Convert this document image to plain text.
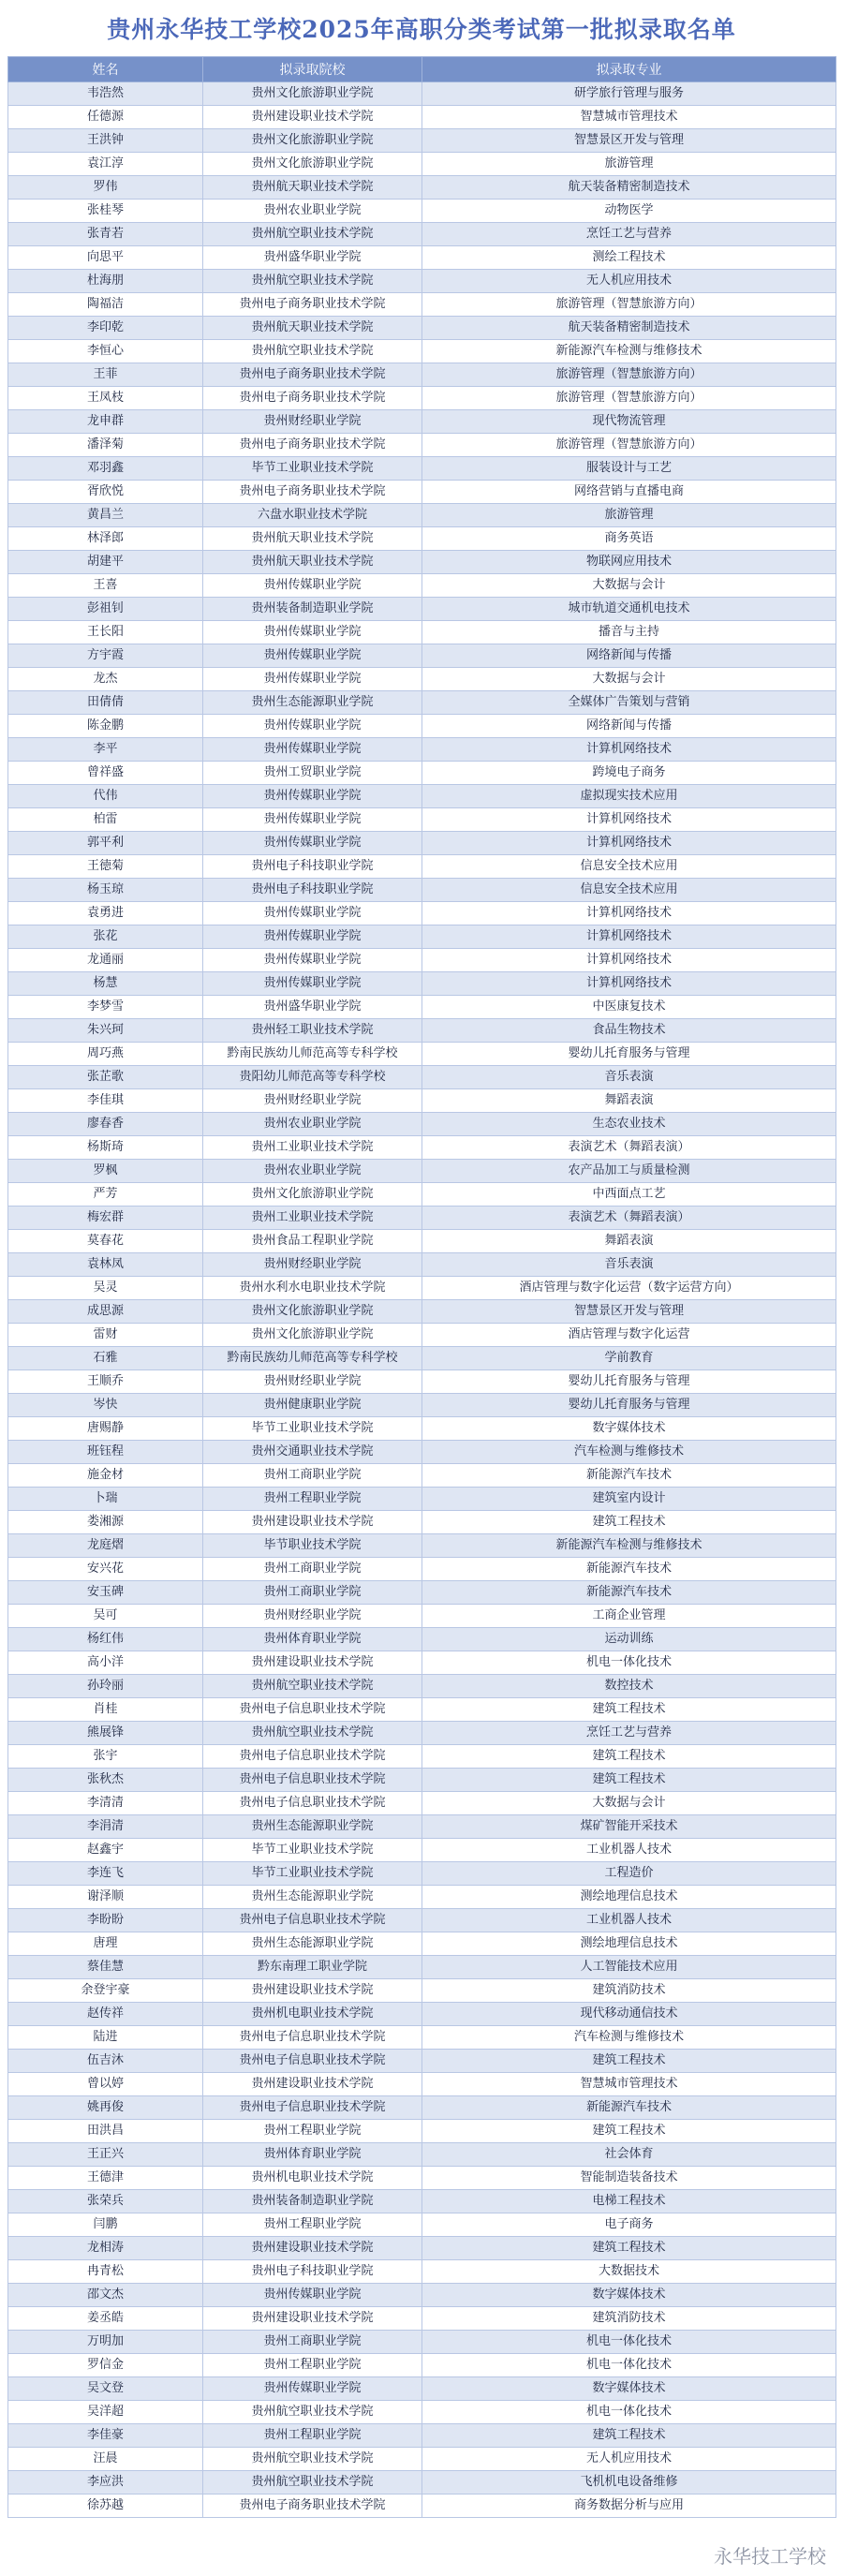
贵州永华技工学校2025年高职分类考试第一批拟录取名单
姓名	拟录取院校	拟录取专业
韦浩然	贵州文化旅游职业学院	研学旅行管理与服务
任德源	贵州建设职业技术学院	智慧城市管理技术
王洪钟	贵州文化旅游职业学院	智慧景区开发与管理
袁江淳	贵州文化旅游职业学院	旅游管理
罗伟	贵州航天职业技术学院	航天装备精密制造技术
张桂琴	贵州农业职业学院	动物医学
张青若	贵州航空职业技术学院	烹饪工艺与营养
向思平	贵州盛华职业学院	测绘工程技术
杜海朋	贵州航空职业技术学院	无人机应用技术
陶福洁	贵州电子商务职业技术学院	旅游管理（智慧旅游方向）
李印乾	贵州航天职业技术学院	航天装备精密制造技术
李恒心	贵州航空职业技术学院	新能源汽车检测与维修技术
王菲	贵州电子商务职业技术学院	旅游管理（智慧旅游方向）
王凤枝	贵州电子商务职业技术学院	旅游管理（智慧旅游方向）
龙申群	贵州财经职业学院	现代物流管理
潘泽菊	贵州电子商务职业技术学院	旅游管理（智慧旅游方向）
邓羽鑫	毕节工业职业技术学院	服装设计与工艺
胥欣悦	贵州电子商务职业技术学院	网络营销与直播电商
黄昌兰	六盘水职业技术学院	旅游管理
林泽郎	贵州航天职业技术学院	商务英语
胡建平	贵州航天职业技术学院	物联网应用技术
王喜	贵州传媒职业学院	大数据与会计
彭祖钊	贵州装备制造职业学院	城市轨道交通机电技术
王长阳	贵州传媒职业学院	播音与主持
方宇霞	贵州传媒职业学院	网络新闻与传播
龙杰	贵州传媒职业学院	大数据与会计
田倩倩	贵州生态能源职业学院	全媒体广告策划与营销
陈金鹏	贵州传媒职业学院	网络新闻与传播
李平	贵州传媒职业学院	计算机网络技术
曾祥盛	贵州工贸职业学院	跨境电子商务
代伟	贵州传媒职业学院	虚拟现实技术应用
柏雷	贵州传媒职业学院	计算机网络技术
郭平利	贵州传媒职业学院	计算机网络技术
王徳菊	贵州电子科技职业学院	信息安全技术应用
杨玉琼	贵州电子科技职业学院	信息安全技术应用
袁勇进	贵州传媒职业学院	计算机网络技术
张花	贵州传媒职业学院	计算机网络技术
龙通丽	贵州传媒职业学院	计算机网络技术
杨慧	贵州传媒职业学院	计算机网络技术
李梦雪	贵州盛华职业学院	中医康复技术
朱兴珂	贵州轻工职业技术学院	食品生物技术
周巧燕	黔南民族幼儿师范高等专科学校	婴幼儿托育服务与管理
张芷歌	贵阳幼儿师范高等专科学校	音乐表演
李佳琪	贵州财经职业学院	舞蹈表演
廖春香	贵州农业职业学院	生态农业技术
杨斯琦	贵州工业职业技术学院	表演艺术（舞蹈表演）
罗枫	贵州农业职业学院	农产品加工与质量检测
严芳	贵州文化旅游职业学院	中西面点工艺
梅宏群	贵州工业职业技术学院	表演艺术（舞蹈表演）
莫春花	贵州食品工程职业学院	舞蹈表演
袁林凤	贵州财经职业学院	音乐表演
吴灵	贵州水利水电职业技术学院	酒店管理与数字化运营（数字运营方向）
成思源	贵州文化旅游职业学院	智慧景区开发与管理
雷财	贵州文化旅游职业学院	酒店管理与数字化运营
石雅	黔南民族幼儿师范高等专科学校	学前教育
王顺乔	贵州财经职业学院	婴幼儿托育服务与管理
岑快	贵州健康职业学院	婴幼儿托育服务与管理
唐赐静	毕节工业职业技术学院	数字媒体技术
班钰程	贵州交通职业技术学院	汽车检测与维修技术
施金材	贵州工商职业学院	新能源汽车技术
卜瑞	贵州工程职业学院	建筑室内设计
娄湘源	贵州建设职业技术学院	建筑工程技术
龙庭熠	毕节职业技术学院	新能源汽车检测与维修技术
安兴花	贵州工商职业学院	新能源汽车技术
安玉碑	贵州工商职业学院	新能源汽车技术
吴可	贵州财经职业学院	工商企业管理
杨红伟	贵州体育职业学院	运动训练
高小洋	贵州建设职业技术学院	机电一体化技术
孙玲丽	贵州航空职业技术学院	数控技术
肖桂	贵州电子信息职业技术学院	建筑工程技术
熊展锋	贵州航空职业技术学院	烹饪工艺与营养
张宇	贵州电子信息职业技术学院	建筑工程技术
张秋杰	贵州电子信息职业技术学院	建筑工程技术
李清清	贵州电子信息职业技术学院	大数据与会计
李涓清	贵州生态能源职业学院	煤矿智能开采技术
赵鑫宇	毕节工业职业技术学院	工业机器人技术
李连飞	毕节工业职业技术学院	工程造价
谢泽顺	贵州生态能源职业学院	测绘地理信息技术
李盼盼	贵州电子信息职业技术学院	工业机器人技术
唐理	贵州生态能源职业学院	测绘地理信息技术
蔡佳慧	黔东南理工职业学院	人工智能技术应用
余登宇豪	贵州建设职业技术学院	建筑消防技术
赵传祥	贵州机电职业技术学院	现代移动通信技术
陆进	贵州电子信息职业技术学院	汽车检测与维修技术
伍吉沐	贵州电子信息职业技术学院	建筑工程技术
曾以婷	贵州建设职业技术学院	智慧城市管理技术
姚再俊	贵州电子信息职业技术学院	新能源汽车技术
田洪昌	贵州工程职业学院	建筑工程技术
王正兴	贵州体育职业学院	社会体育
王德津	贵州机电职业技术学院	智能制造装备技术
张荣兵	贵州装备制造职业学院	电梯工程技术
闫鹏	贵州工程职业学院	电子商务
龙相涛	贵州建设职业技术学院	建筑工程技术
冉青松	贵州电子科技职业学院	大数据技术
邵文杰	贵州传媒职业学院	数字媒体技术
姜丞皓	贵州建设职业技术学院	建筑消防技术
万明加	贵州工商职业学院	机电一体化技术
罗信金	贵州工程职业学院	机电一体化技术
吴文登	贵州传媒职业学院	数字媒体技术
吴洋超	贵州航空职业技术学院	机电一体化技术
李佳豪	贵州工程职业学院	建筑工程技术
汪晨	贵州航空职业技术学院	无人机应用技术
李应洪	贵州航空职业技术学院	飞机机电设备维修
徐苏越	贵州电子商务职业技术学院	商务数据分析与应用
永华技工学校
